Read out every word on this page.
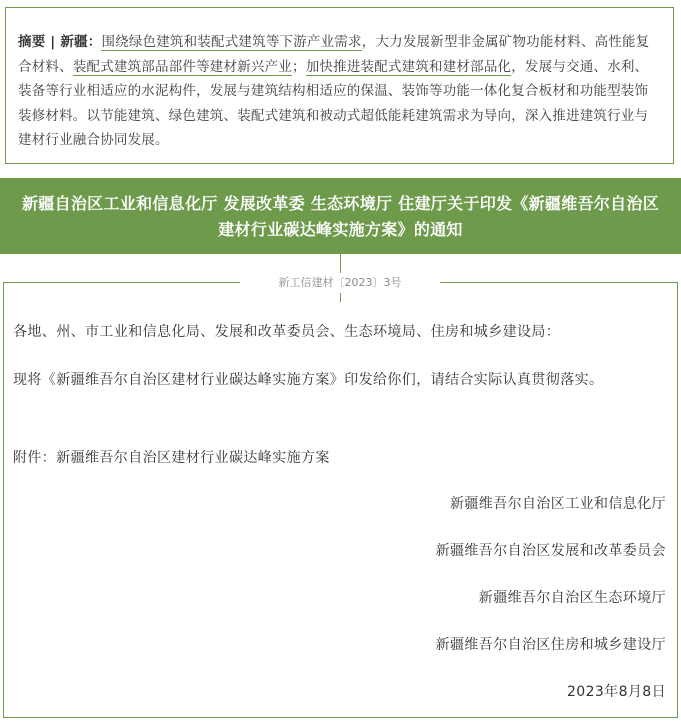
摘要 | 新疆：围绕绿色建筑和装配式建筑等下游产业需求，大力发展新型非金属矿物功能材料、高性能复合材料、装配式建筑部品部件等建材新兴产业；加快推进装配式建筑和建材部品化，发展与交通、水利、装备等行业相适应的水泥构件，发展与建筑结构相适应的保温、装饰等功能一体化复合板材和功能型装饰装修材料。以节能建筑、绿色建筑、装配式建筑和被动式超低能耗建筑需求为导向，深入推进建筑行业与建材行业融合协同发展。
新疆自治区工业和信息化厅 发展改革委 生态环境厅 住建厅关于印发《新疆维吾尔自治区建材行业碳达峰实施方案》的通知
新工信建材〔2023〕3号
各地、州、市工业和信息化局、发展和改革委员会、生态环境局、住房和城乡建设局：
现将《新疆维吾尔自治区建材行业碳达峰实施方案》印发给你们，请结合实际认真贯彻落实。
附件：新疆维吾尔自治区建材行业碳达峰实施方案
新疆维吾尔自治区工业和信息化厅
新疆维吾尔自治区发展和改革委员会
新疆维吾尔自治区生态环境厅
新疆维吾尔自治区住房和城乡建设厅
2023年8月8日
